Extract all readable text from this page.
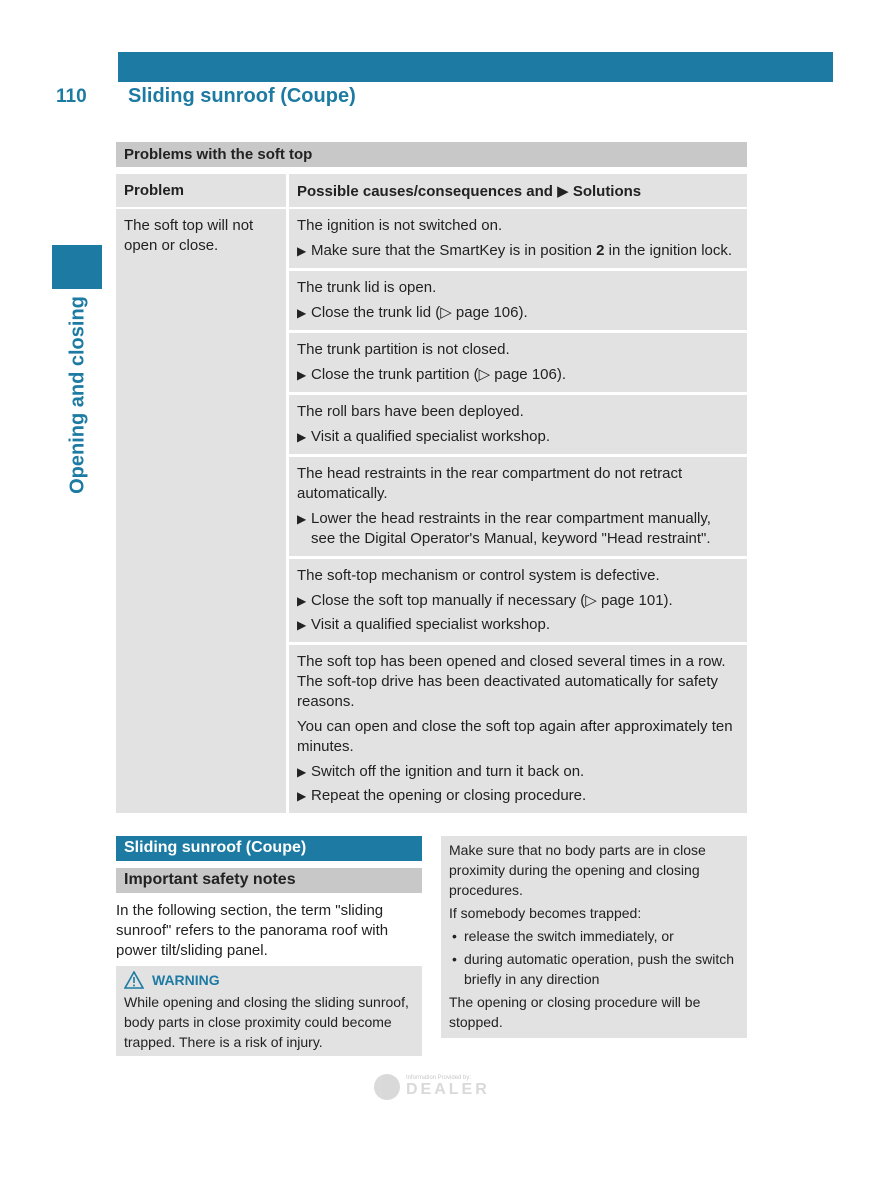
110 Sliding sunroof (Coupe)
Opening and closing
Problems with the soft top
Problem	Possible causes/consequences and ▶ Solutions
The soft top will not open or close.

The ignition is not switched on.

▶ Make sure that the SmartKey is in position 2 in the ignition lock.

The trunk lid is open.

▶ Close the trunk lid (▷ page 106).

The trunk partition is not closed.

▶ Close the trunk partition (▷ page 106).

The roll bars have been deployed.

▶ Visit a qualified specialist workshop.

The head restraints in the rear compartment do not retract automatically.

▶ Lower the head restraints in the rear compartment manually, see the Digital Operator's Manual, keyword "Head restraint".

The soft-top mechanism or control system is defective.

▶ Close the soft top manually if necessary (▷ page 101).
▶ Visit a qualified specialist workshop.

The soft top has been opened and closed several times in a row. The soft-top drive has been deactivated automatically for safety reasons.

You can open and close the soft top again after approximately ten minutes.

▶ Switch off the ignition and turn it back on.
▶ Repeat the opening or closing procedure.
Sliding sunroof (Coupe)
Important safety notes
In the following section, the term "sliding sunroof" refers to the panorama roof with power tilt/sliding panel.
WARNING
While opening and closing the sliding sunroof, body parts in close proximity could become trapped. There is a risk of injury.

Make sure that no body parts are in close proximity during the opening and closing procedures.

If somebody becomes trapped:

• release the switch immediately, or
• during automatic operation, push the switch briefly in any direction

The opening or closing procedure will be stopped.

Information Provided by:
DEALER
